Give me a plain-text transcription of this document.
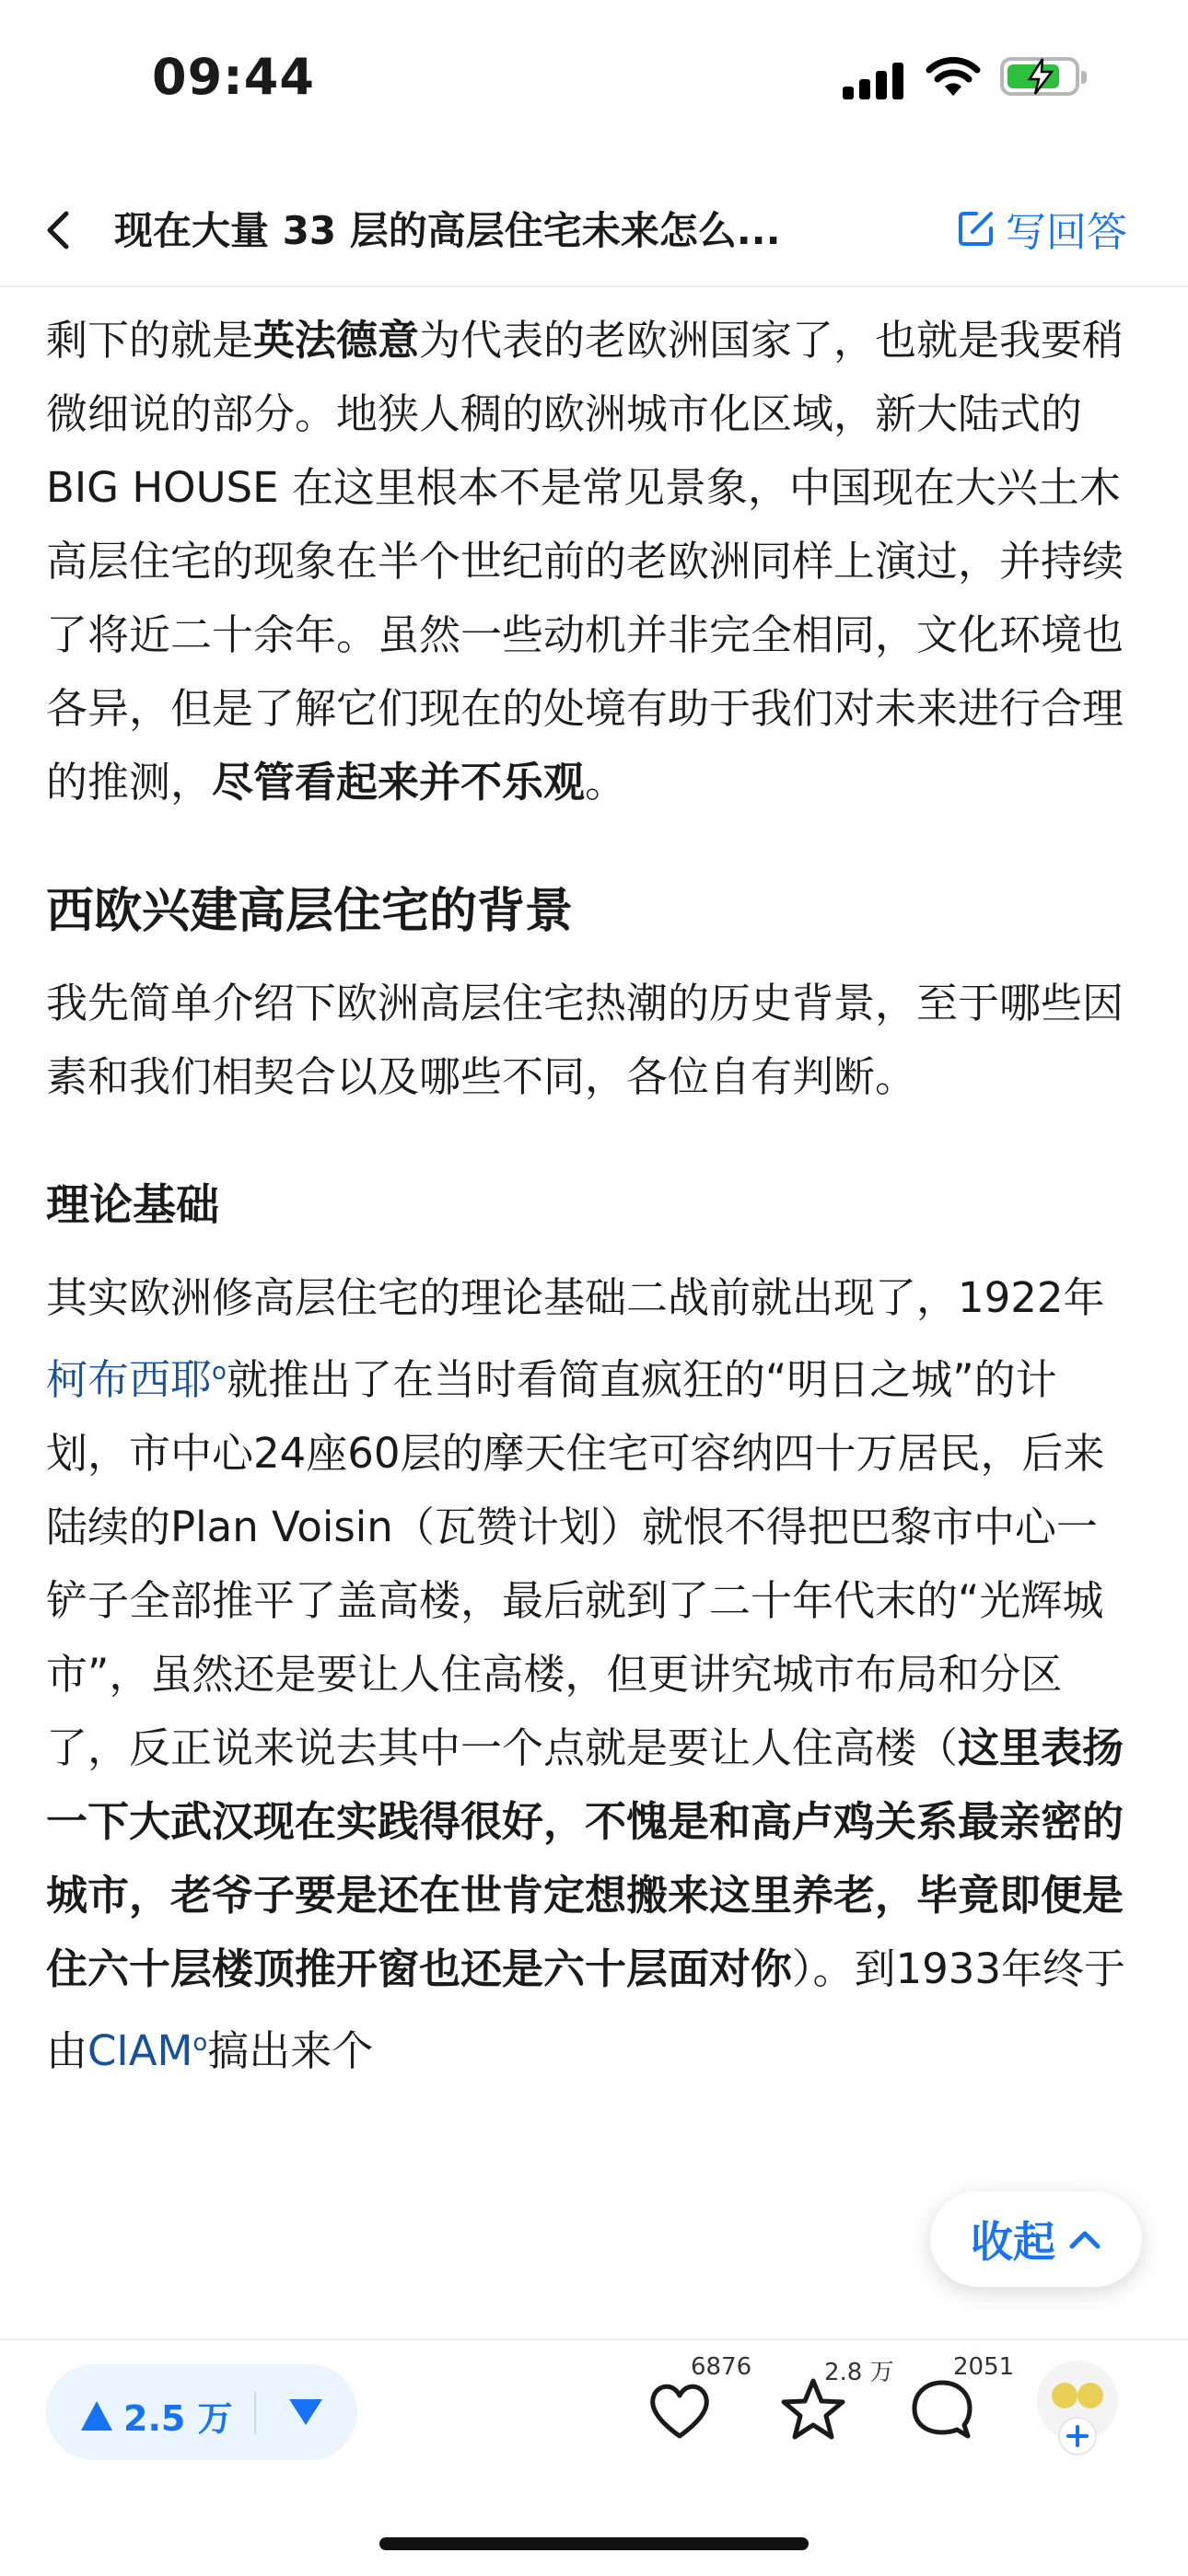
09:44
现在大量 33 层的高层住宅未来怎么...	写回答

剩下的就是英法德意为代表的老欧洲国家了，也就是我要稍微细说的部分。地狭人稠的欧洲城市化区域，新大陆式的 BIG HOUSE 在这里根本不是常见景象，中国现在大兴土木高层住宅的现象在半个世纪前的老欧洲同样上演过，并持续了将近二十余年。虽然一些动机并非完全相同，文化环境也各异，但是了解它们现在的处境有助于我们对未来进行合理的推测，尽管看起来并不乐观。

西欧兴建高层住宅的背景

我先简单介绍下欧洲高层住宅热潮的历史背景，至于哪些因素和我们相契合以及哪些不同，各位自有判断。

理论基础

其实欧洲修高层住宅的理论基础二战前就出现了，1922年柯布西耶$^o$就推出了在当时看简直疯狂的“明日之城”的计划，市中心24座60层的摩天住宅可容纳四十万居民，后来陆续的Plan Voisin（瓦赞计划）就恨不得把巴黎市中心一铲子全部推平了盖高楼，最后就到了二十年代末的“光辉城市”，虽然还是要让人住高楼，但更讲究城市布局和分区了，反正说来说去其中一个点就是要让人住高楼（这里表扬一下大武汉现在实践得很好，不愧是和高卢鸡关系最亲密的城市，老爷子要是还在世肯定想搬来这里养老，毕竟即便是住六十层楼顶推开窗也还是六十层面对你）。到1933年终于由CIAM$^o$搞出来个

收起
2.5 万
6876	2.8 万 2051
